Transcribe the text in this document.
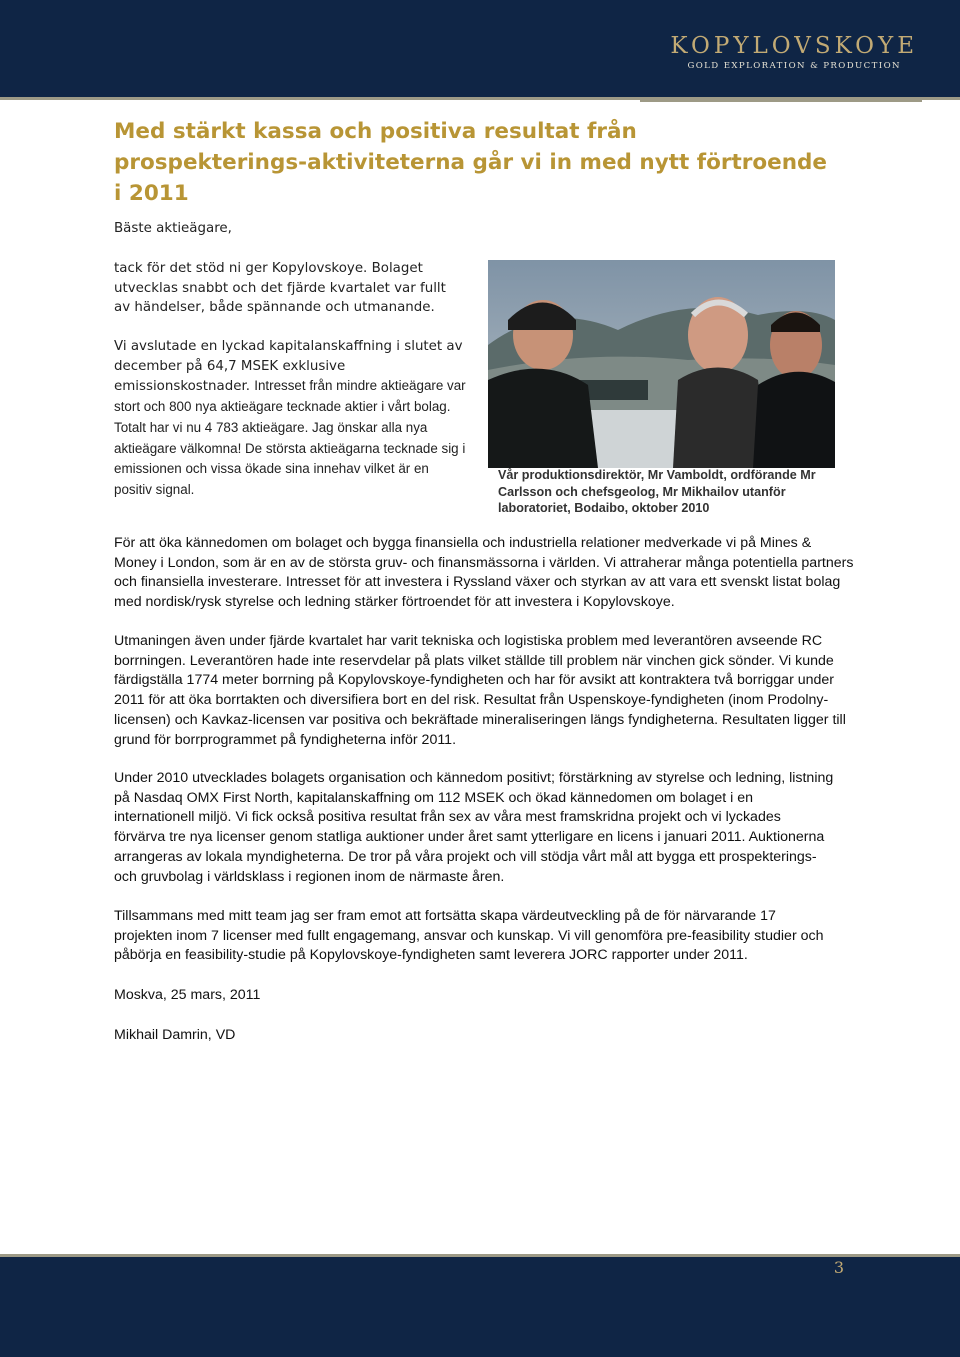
KOPYLOVSKOYE
GOLD EXPLORATION & PRODUCTION
Med stärkt kassa och positiva resultat från prospekterings-aktiviteterna går vi in med nytt förtroende i 2011

Bäste aktieägare,

tack för det stöd ni ger Kopylovskoye. Bolaget utvecklas snabbt och det fjärde kvartalet var fullt av händelser, både spännande och utmanande.

Vi avslutade en lyckad kapitalanskaffning i slutet av december på 64,7 MSEK exklusive emissionskostnader. Intresset från mindre aktieägare var stort och 800 nya aktieägare tecknade aktier i vårt bolag. Totalt har vi nu 4 783 aktieägare. Jag önskar alla nya aktieägare välkomna! De största aktieägarna tecknade sig i emissionen och vissa ökade sina innehav vilket är en positiv signal.

Vår produktionsdirektör, Mr Vamboldt, ordförande Mr Carlsson och chefsgeolog, Mr Mikhailov utanför laboratoriet, Bodaibo, oktober 2010

För att öka kännedomen om bolaget och bygga finansiella och industriella relationer medverkade vi på Mines & Money i London, som är en av de största gruv- och finansmässorna i världen. Vi attraherar många potentiella partners och finansiella investerare. Intresset för att investera i Ryssland växer och styrkan av att vara ett svenskt listat bolag med nordisk/rysk styrelse och ledning stärker förtroendet för att investera i Kopylovskoye.

Utmaningen även under fjärde kvartalet har varit tekniska och logistiska problem med leverantören avseende RC borrningen. Leverantören hade inte reservdelar på plats vilket ställde till problem när vinchen gick sönder. Vi kunde färdigställa 1774 meter borrning på Kopylovskoye-fyndigheten och har för avsikt att kontraktera två borriggar under 2011 för att öka borrtakten och diversifiera bort en del risk. Resultat från Uspenskoye-fyndigheten (inom Prodolny-licensen) och Kavkaz-licensen var positiva och bekräftade mineraliseringen längs fyndigheterna. Resultaten ligger till grund för borrprogrammet på fyndigheterna inför 2011.

Under 2010 utvecklades bolagets organisation och kännedom positivt; förstärkning av styrelse och ledning, listning på Nasdaq OMX First North, kapitalanskaffning om 112 MSEK och ökad kännedomen om bolaget i en internationell miljö. Vi fick också positiva resultat från sex av våra mest framskridna projekt och vi lyckades förvärva tre nya licenser genom statliga auktioner under året samt ytterligare en licens i januari 2011. Auktionerna arrangeras av lokala myndigheterna. De tror på våra projekt och vill stödja vårt mål att bygga ett prospekterings- och gruvbolag i världsklass i regionen inom de närmaste åren.

Tillsammans med mitt team jag ser fram emot att fortsätta skapa värdeutveckling på de för närvarande 17 projekten inom 7 licenser med fullt engagemang, ansvar och kunskap. Vi vill genomföra pre-feasibility studier och påbörja en feasibility-studie på Kopylovskoye-fyndigheten samt leverera JORC rapporter under 2011.

Moskva, 25 mars, 2011

Mikhail Damrin, VD

3
